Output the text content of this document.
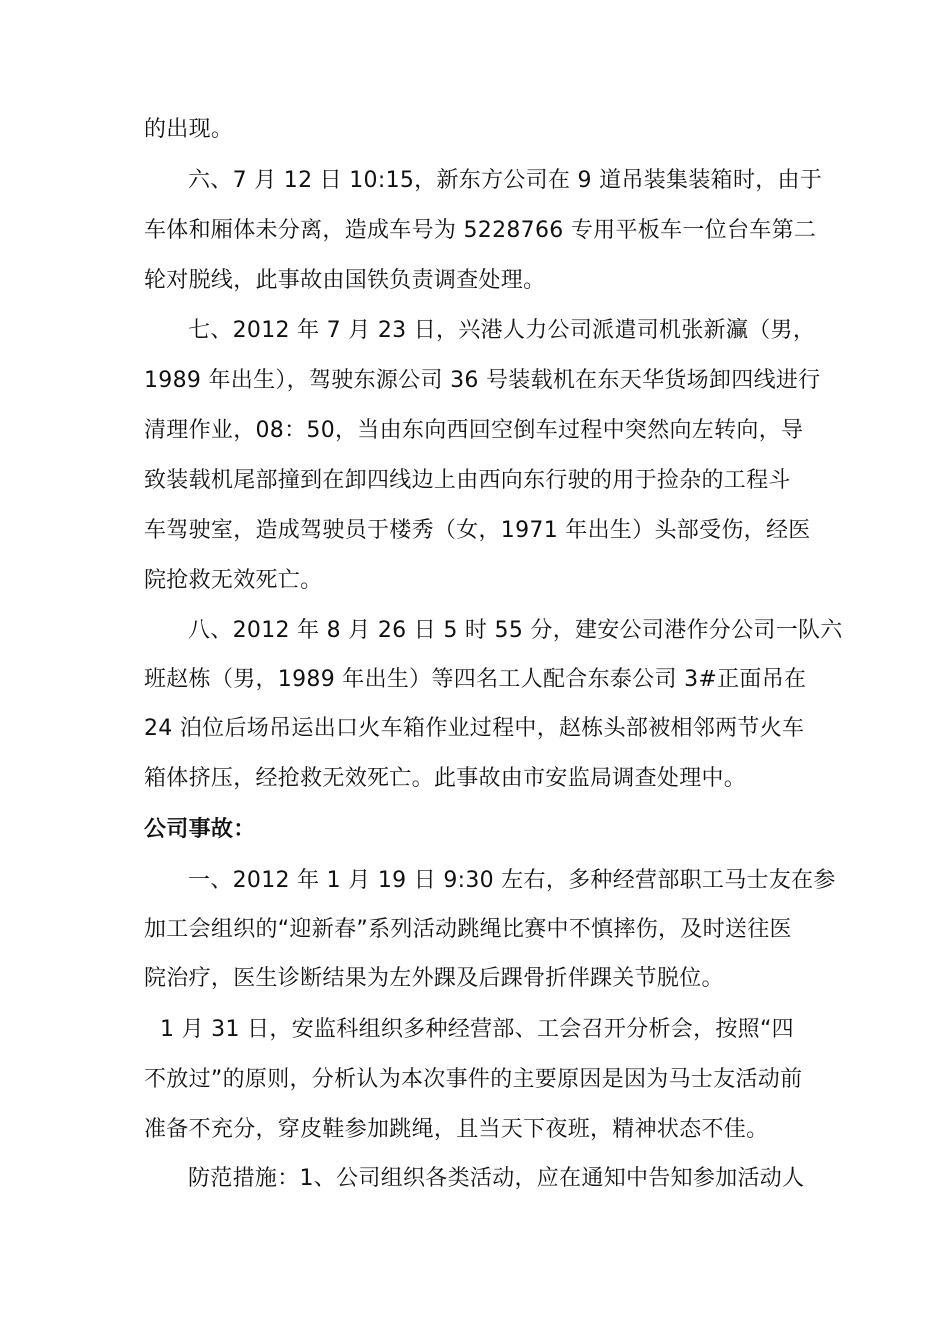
的出现。
六、7 月 12 日 10:15，新东方公司在 9 道吊装集装箱时，由于
车体和厢体未分离，造成车号为 5228766 专用平板车一位台车第二
轮对脱线，此事故由国铁负责调查处理。
七、2012 年 7 月 23 日，兴港人力公司派遣司机张新灜（男，
1989 年出生），驾驶东源公司 36 号装载机在东天华货场卸四线进行
清理作业，08：50，当由东向西回空倒车过程中突然向左转向，导
致装载机尾部撞到在卸四线边上由西向东行驶的用于捡杂的工程斗
车驾驶室，造成驾驶员于楼秀（女，1971 年出生）头部受伤，经医
院抢救无效死亡。
八、2012 年 8 月 26 日 5 时 55 分，建安公司港作分公司一队六
班赵栋（男，1989 年出生）等四名工人配合东泰公司 3#正面吊在
24 泊位后场吊运出口火车箱作业过程中，赵栋头部被相邻两节火车
箱体挤压，经抢救无效死亡。此事故由市安监局调查处理中。
公司事故：
一、2012 年 1 月 19 日 9:30 左右，多种经营部职工马士友在参
加工会组织的“迎新春”系列活动跳绳比赛中不慎摔伤，及时送往医
院治疗，医生诊断结果为左外踝及后踝骨折伴踝关节脱位。
1 月 31 日，安监科组织多种经营部、工会召开分析会，按照“四
不放过”的原则，分析认为本次事件的主要原因是因为马士友活动前
准备不充分，穿皮鞋参加跳绳，且当天下夜班，精神状态不佳。
防范措施：1、公司组织各类活动，应在通知中告知参加活动人
